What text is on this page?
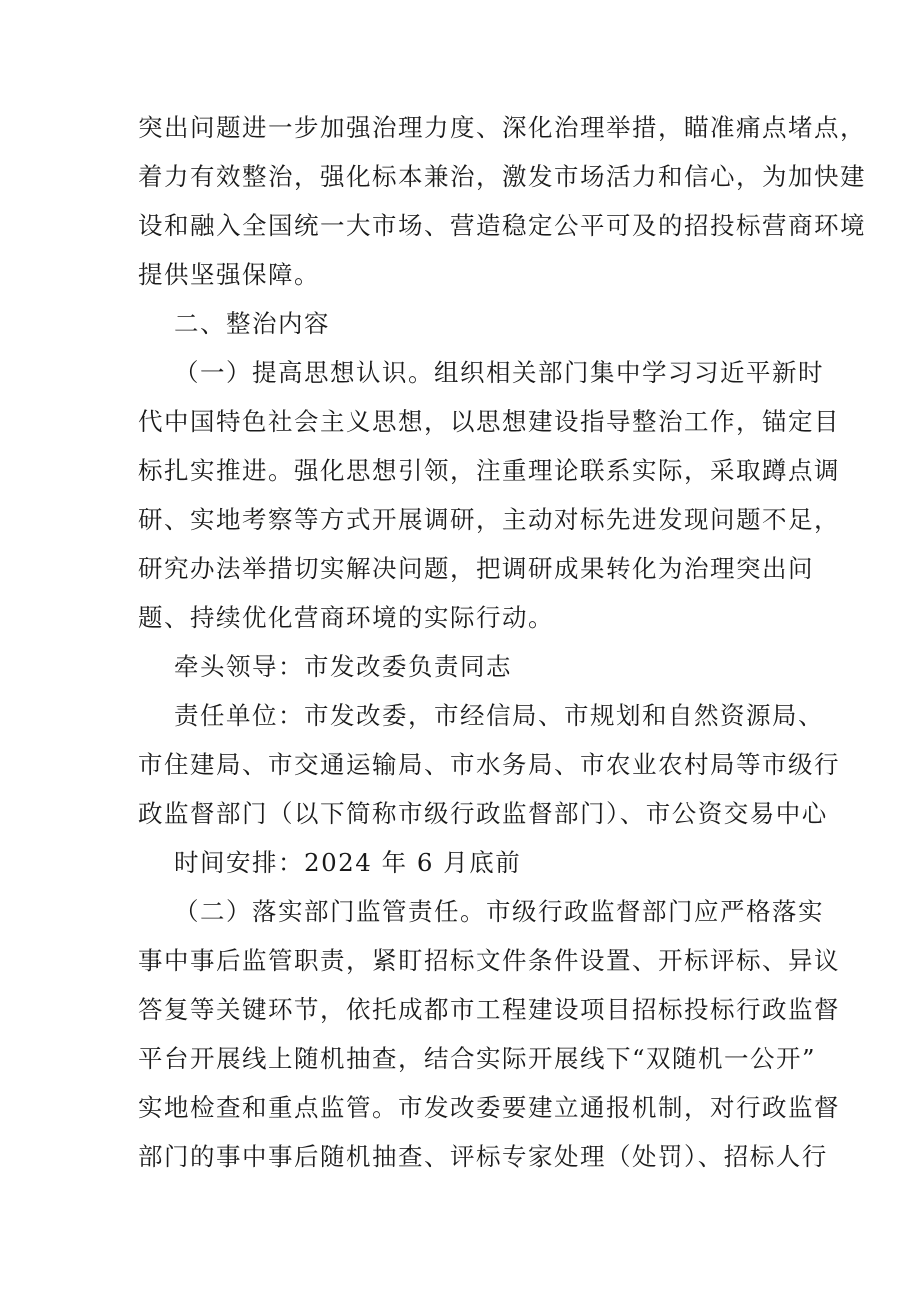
突出问题进一步加强治理力度、深化治理举措，瞄准痛点堵点，
着力有效整治，强化标本兼治，激发市场活力和信心，为加快建
设和融入全国统一大市场、营造稳定公平可及的招投标营商环境
提供坚强保障。
二、整治内容
（一）提高思想认识。组织相关部门集中学习习近平新时
代中国特色社会主义思想，以思想建设指导整治工作，锚定目
标扎实推进。强化思想引领，注重理论联系实际，采取蹲点调
研、实地考察等方式开展调研，主动对标先进发现问题不足，
研究办法举措切实解决问题，把调研成果转化为治理突出问
题、持续优化营商环境的实际行动。
牵头领导：市发改委负责同志
责任单位：市发改委，市经信局、市规划和自然资源局、
市住建局、市交通运输局、市水务局、市农业农村局等市级行
政监督部门（以下简称市级行政监督部门）、市公资交易中心
时间安排：2024 年 6 月底前
（二）落实部门监管责任。市级行政监督部门应严格落实
事中事后监管职责，紧盯招标文件条件设置、开标评标、异议
答复等关键环节，依托成都市工程建设项目招标投标行政监督
平台开展线上随机抽查，结合实际开展线下“双随机一公开”
实地检查和重点监管。市发改委要建立通报机制，对行政监督
部门的事中事后随机抽查、评标专家处理（处罚）、招标人行
